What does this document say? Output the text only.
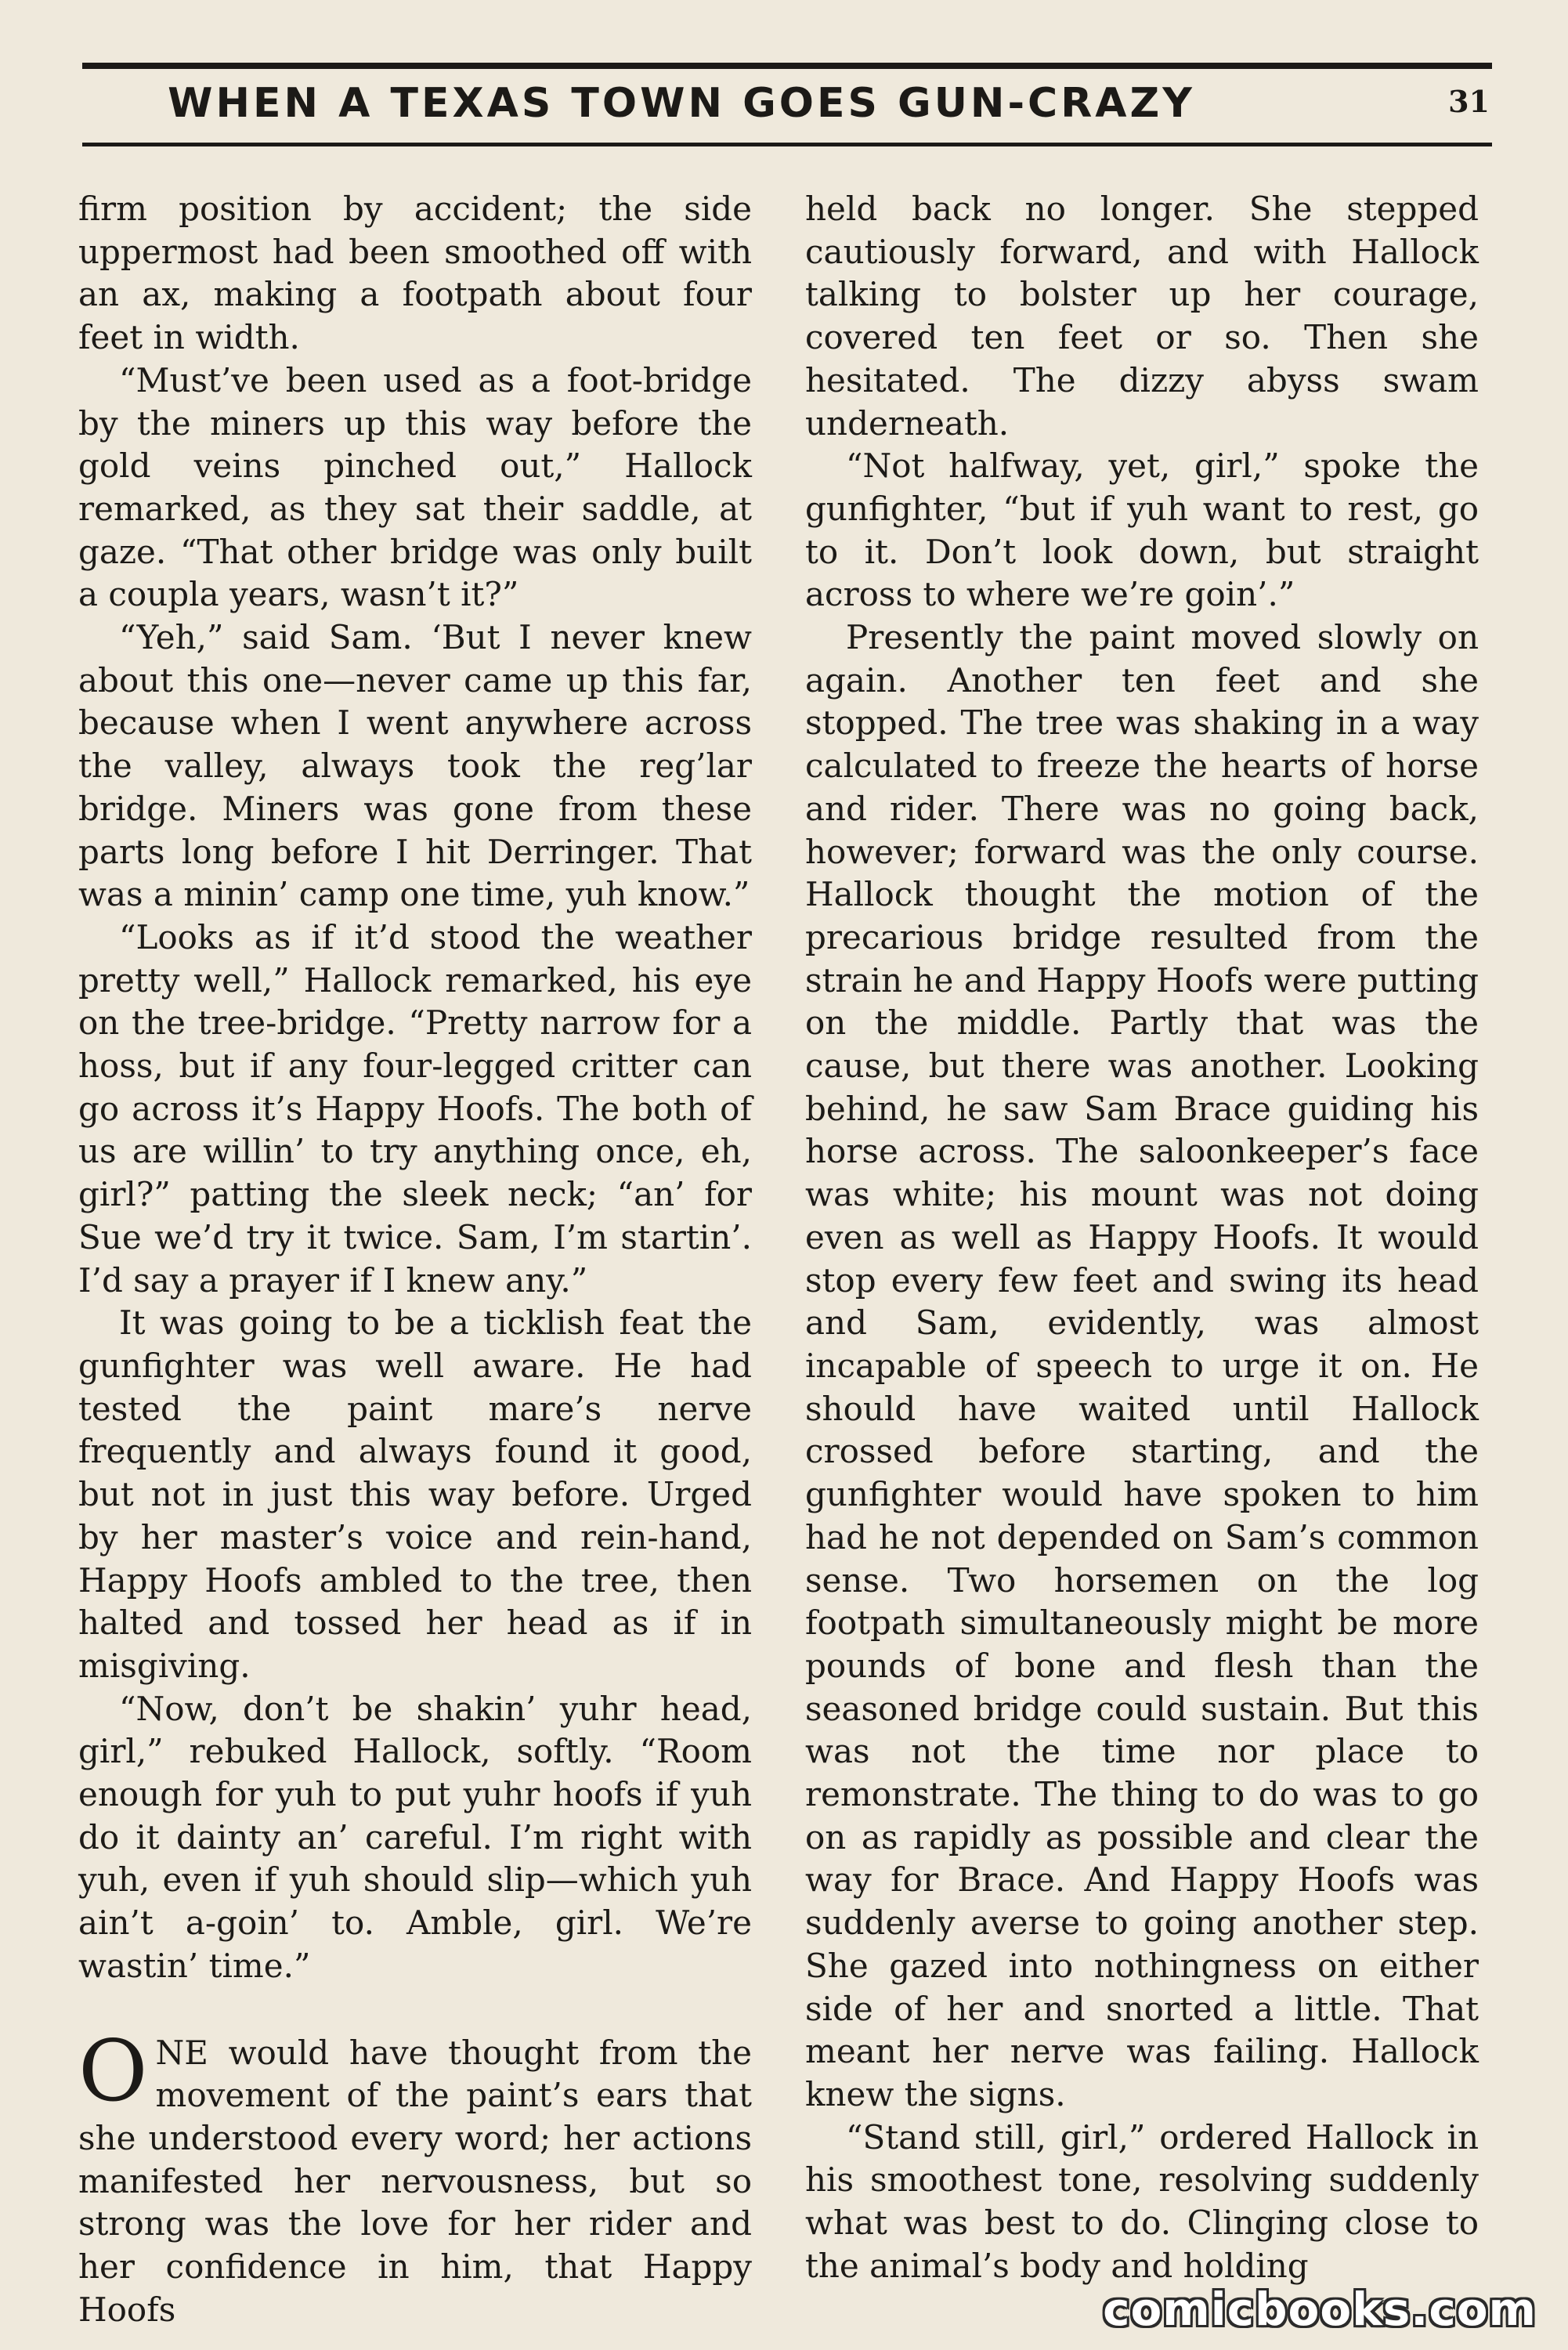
WHEN A TEXAS TOWN GOES GUN-CRAZY	31

firm position by accident; the side uppermost had been smoothed off with an ax, making a footpath about four feet in width.

“Must’ve been used as a foot-bridge by the miners up this way before the gold veins pinched out,” Hallock remarked, as they sat their saddle, at gaze. “That other bridge was only built a coupla years, wasn’t it?”

“Yeh,” said Sam. ‘But I never knew about this one—never came up this far, because when I went anywhere across the valley, always took the reg’lar bridge. Miners was gone from these parts long before I hit Derringer. That was a minin’ camp one time, yuh know.”

“Looks as if it’d stood the weather pretty well,” Hallock remarked, his eye on the tree-bridge. “Pretty narrow for a hoss, but if any four-legged critter can go across it’s Happy Hoofs. The both of us are willin’ to try anything once, eh, girl?” patting the sleek neck; “an’ for Sue we’d try it twice. Sam, I’m startin’. I’d say a prayer if I knew any.”

It was going to be a ticklish feat the gunfighter was well aware. He had tested the paint mare’s nerve frequently and always found it good, but not in just this way before. Urged by her master’s voice and rein-hand, Happy Hoofs ambled to the tree, then halted and tossed her head as if in misgiving.

“Now, don’t be shakin’ yuhr head, girl,” rebuked Hallock, softly. “Room enough for yuh to put yuhr hoofs if yuh do it dainty an’ careful. I’m right with yuh, even if yuh should slip—which yuh ain’t a-goin’ to. Amble, girl. We’re wastin’ time.”

O NE would have thought from the movement of the paint’s ears that she understood every word; her actions manifested her nervousness, but so strong was the love for her rider and her confidence in him, that Happy Hoofs

held back no longer. She stepped cautiously forward, and with Hallock talking to bolster up her courage, covered ten feet or so. Then she hesitated. The dizzy abyss swam underneath.

“Not halfway, yet, girl,” spoke the gunfighter, “but if yuh want to rest, go to it. Don’t look down, but straight across to where we’re goin’.”

Presently the paint moved slowly on again. Another ten feet and she stopped. The tree was shaking in a way calculated to freeze the hearts of horse and rider. There was no going back, however; forward was the only course. Hallock thought the motion of the precarious bridge resulted from the strain he and Happy Hoofs were putting on the middle. Partly that was the cause, but there was another. Looking behind, he saw Sam Brace guiding his horse across. The saloonkeeper’s face was white; his mount was not doing even as well as Happy Hoofs. It would stop every few feet and swing its head and Sam, evidently, was almost incapable of speech to urge it on. He should have waited until Hallock crossed before starting, and the gunfighter would have spoken to him had he not depended on Sam’s common sense. Two horsemen on the log footpath simultaneously might be more pounds of bone and flesh than the seasoned bridge could sustain. But this was not the time nor place to remonstrate. The thing to do was to go on as rapidly as possible and clear the way for Brace. And Happy Hoofs was suddenly averse to going another step. She gazed into nothingness on either side of her and snorted a little. That meant her nerve was failing. Hallock knew the signs.

“Stand still, girl,” ordered Hallock in his smoothest tone, resolving suddenly what was best to do. Clinging close to the animal’s body and holding

comicbooks.com
